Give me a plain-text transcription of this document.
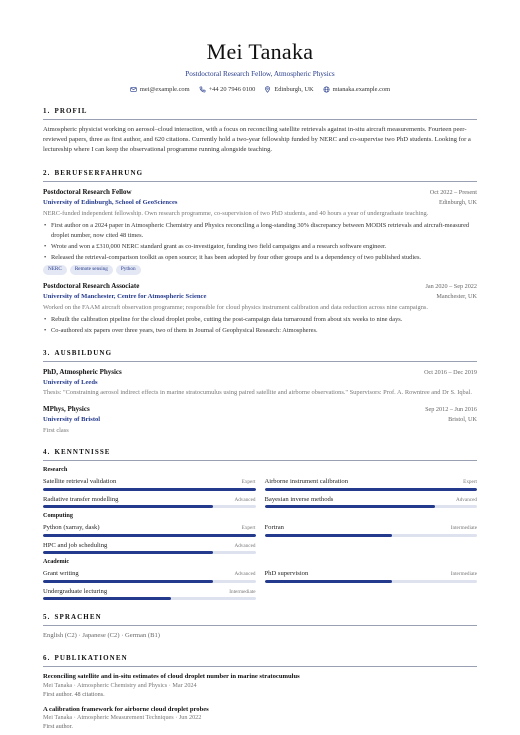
Mei Tanaka
Postdoctoral Research Fellow, Atmospheric Physics
mei@example.com	+44 20 7946 0100	Edinburgh, UK	mtanaka.example.com
1. PROFIL

Atmospheric physicist working on aerosol–cloud interaction, with a focus on reconciling satellite retrievals against in-situ aircraft measurements. Fourteen peer-reviewed papers, three as first author, and 620 citations. Currently hold a two-year fellowship funded by NERC and co-supervise two PhD students. Looking for a lectureship where I can keep the observational programme running alongside teaching.

2. BERUFSERFAHRUNG
Postdoctoral Research Fellow	Oct 2022 – Present
University of Edinburgh, School of GeoSciences	Edinburgh, UK

NERC-funded independent fellowship. Own research programme, co-supervision of two PhD students, and 40 hours a year of undergraduate teaching.

• First author on a 2024 paper in Atmospheric Chemistry and Physics reconciling a long-standing 30% discrepancy between MODIS retrievals and aircraft-measured droplet number, now cited 48 times.
• Wrote and won a £310,000 NERC standard grant as co-investigator, funding two field campaigns and a research software engineer.
• Released the retrieval-comparison toolkit as open source; it has been adopted by four other groups and is a dependency of two published studies.
NERC	Remote sensing	Python
Postdoctoral Research Associate	Jan 2020 – Sep 2022
University of Manchester, Centre for Atmospheric Science	Manchester, UK

Worked on the FAAM aircraft observation programme; responsible for cloud physics instrument calibration and data reduction across nine campaigns.

• Rebuilt the calibration pipeline for the cloud droplet probe, cutting the post-campaign data turnaround from about six weeks to nine days.
• Co-authored six papers over three years, two of them in Journal of Geophysical Research: Atmospheres.
3. AUSBILDUNG
PhD, Atmospheric Physics	Oct 2016 – Dec 2019
University of Leeds

Thesis: "Constraining aerosol indirect effects in marine stratocumulus using paired satellite and airborne observations." Supervisors: Prof. A. Rowntree and Dr S. Iqbal.

MPhys, Physics	Sep 2012 – Jun 2016
University of Bristol	Bristol, UK

First class

4. KENNTNISSE
Research
Satellite retrieval validation	Expert Airborne instrument calibration	Expert
Radiative transfer modelling	Advanced Bayesian inverse methods	Advanced
Computing
Python (xarray, dask)	Expert Fortran	Intermediate
HPC and job scheduling	Advanced
Academic
Grant writing	Advanced PhD supervision	Intermediate
Undergraduate lecturing	Intermediate
5. SPRACHEN

English (C2) · Japanese (C2) · German (B1)

6. PUBLIKATIONEN
Reconciling satellite and in-situ estimates of cloud droplet number in marine stratocumulus
Mei Tanaka · Atmospheric Chemistry and Physics · Mar 2024
First author. 48 citations.
A calibration framework for airborne cloud droplet probes
Mei Tanaka · Atmospheric Measurement Techniques · Jun 2022
First author.
